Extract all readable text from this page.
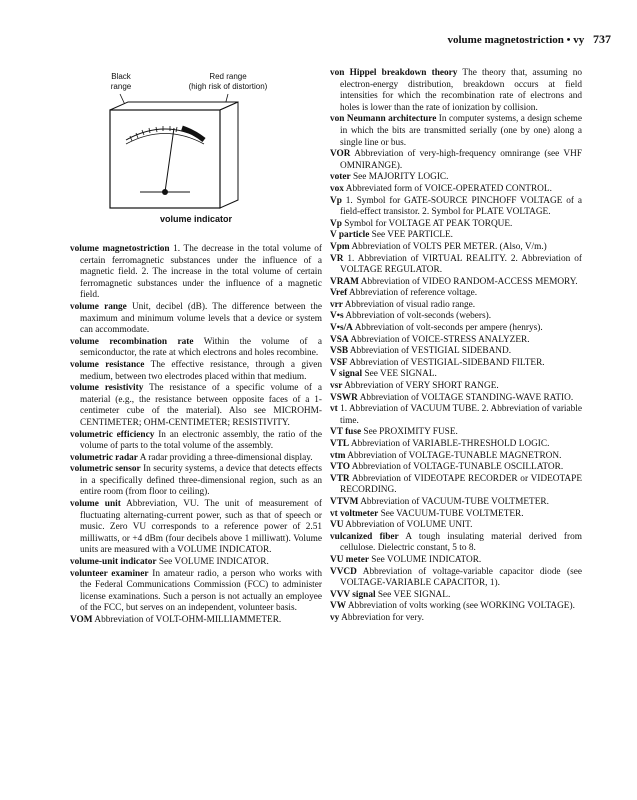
volume magnetostriction • vy 737
Black
range
Red range
(high risk of distortion)
volume indicator

volume magnetostriction 1. The decrease in the total volume of certain ferromagnetic substances under the influence of a magnetic field. 2. The increase in the total volume of certain ferromagnetic substances under the influence of a magnetic field.

volume range Unit, decibel (dB). The difference between the maximum and minimum volume levels that a device or system can accommodate.

volume recombination rate Within the volume of a semiconductor, the rate at which electrons and holes recombine.

volume resistance The effective resistance, through a given medium, between two electrodes placed within that medium.

volume resistivity The resistance of a specific volume of a material (e.g., the resistance between opposite faces of a 1-centimeter cube of the material). Also see MICROHM-CENTIMETER; OHM-CENTIMETER; RESISTIVITY.

volumetric efficiency In an electronic assembly, the ratio of the volume of parts to the total volume of the assembly.

volumetric radar A radar providing a three-dimensional display.

volumetric sensor In security systems, a device that detects effects in a specifically defined three-dimensional region, such as an entire room (from floor to ceiling).

volume unit Abbreviation, VU. The unit of measurement of fluctuating alternating-current power, such as that of speech or music. Zero VU corresponds to a reference power of 2.51 milliwatts, or +4 dBm (four decibels above 1 milliwatt). Volume units are measured with a VOLUME INDICATOR.

volume-unit indicator See VOLUME INDICATOR.

volunteer examiner In amateur radio, a person who works with the Federal Communications Commission (FCC) to administer license examinations. Such a person is not actually an employee of the FCC, but serves on an independent, volunteer basis.

VOM Abbreviation of VOLT-OHM-MILLIAMMETER.

von Hippel breakdown theory The theory that, assuming no electron-energy distribution, breakdown occurs at field intensities for which the recombination rate of electrons and holes is lower than the rate of ionization by collision.

von Neumann architecture In computer systems, a design scheme in which the bits are transmitted serially (one by one) along a single line or bus.

VOR Abbreviation of very-high-frequency omnirange (see VHF OMNIRANGE).

voter See MAJORITY LOGIC.

vox Abbreviated form of VOICE-OPERATED CONTROL.

Vp 1. Symbol for GATE-SOURCE PINCHOFF VOLTAGE of a field-effect transistor. 2. Symbol for PLATE VOLTAGE.

Vp Symbol for VOLTAGE AT PEAK TORQUE.

V particle See VEE PARTICLE.

Vpm Abbreviation of VOLTS PER METER. (Also, V/m.)

VR 1. Abbreviation of VIRTUAL REALITY. 2. Abbreviation of VOLTAGE REGULATOR.

VRAM Abbreviation of VIDEO RANDOM-ACCESS MEMORY.

Vref Abbreviation of reference voltage.

vrr Abbreviation of visual radio range.

V•s Abbreviation of volt-seconds (webers).

V•s/A Abbreviation of volt-seconds per ampere (henrys).

VSA Abbreviation of VOICE-STRESS ANALYZER.

VSB Abbreviation of VESTIGIAL SIDEBAND.

VSF Abbreviation of VESTIGIAL-SIDEBAND FILTER.

V signal See VEE SIGNAL.

vsr Abbreviation of VERY SHORT RANGE.

VSWR Abbreviation of VOLTAGE STANDING-WAVE RATIO.

vt 1. Abbreviation of VACUUM TUBE. 2. Abbreviation of variable time.

VT fuse See PROXIMITY FUSE.

VTL Abbreviation of VARIABLE-THRESHOLD LOGIC.

vtm Abbreviation of VOLTAGE-TUNABLE MAGNETRON.

VTO Abbreviation of VOLTAGE-TUNABLE OSCILLATOR.

VTR Abbreviation of VIDEOTAPE RECORDER or VIDEOTAPE RECORDING.

VTVM Abbreviation of VACUUM-TUBE VOLTMETER.

vt voltmeter See VACUUM-TUBE VOLTMETER.

VU Abbreviation of VOLUME UNIT.

vulcanized fiber A tough insulating material derived from cellulose. Dielectric constant, 5 to 8.

VU meter See VOLUME INDICATOR.

VVCD Abbreviation of voltage-variable capacitor diode (see VOLTAGE-VARIABLE CAPACITOR, 1).

VVV signal See VEE SIGNAL.

VW Abbreviation of volts working (see WORKING VOLTAGE).

vy Abbreviation for very.
